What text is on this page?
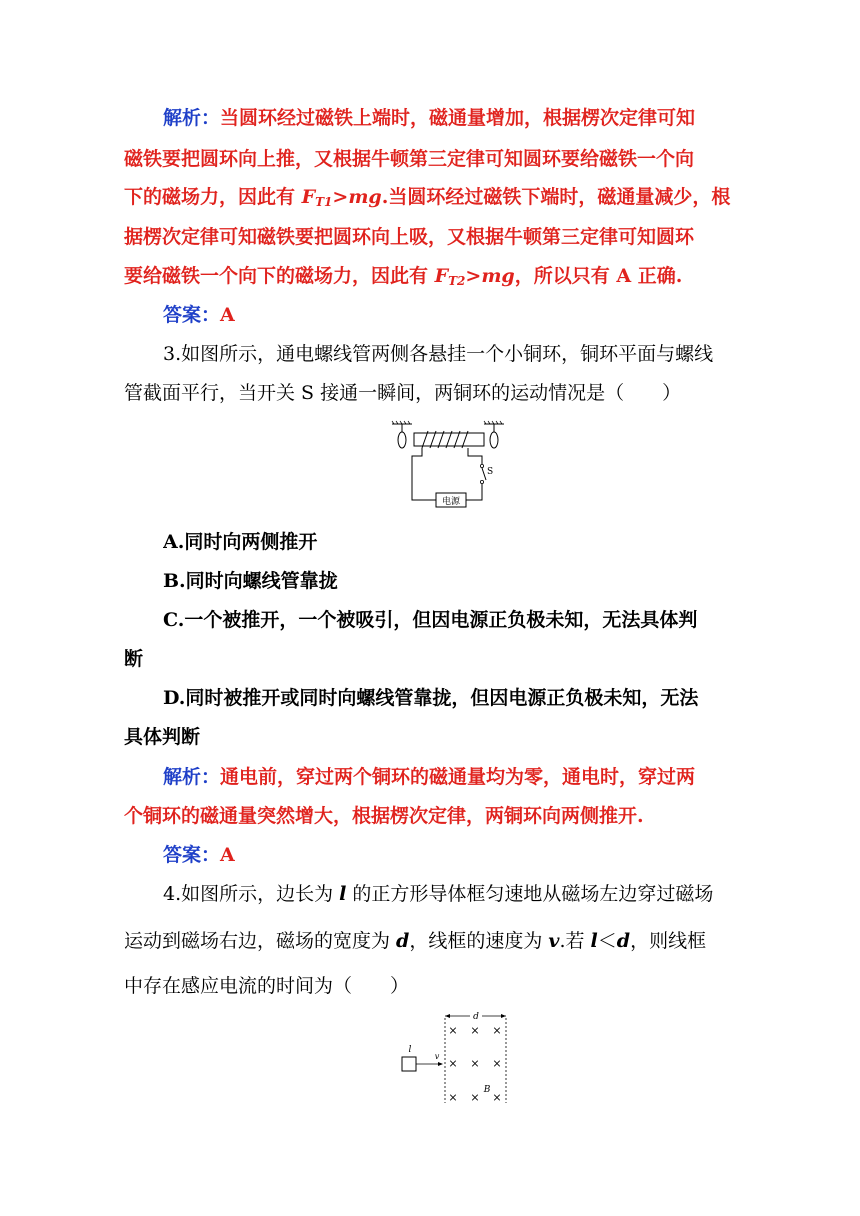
解析：当圆环经过磁铁上端时，磁通量增加，根据楞次定律可知
磁铁要把圆环向上推，又根据牛顿第三定律可知圆环要给磁铁一个向
下的磁场力，因此有 $F_{T1}>mg$.当圆环经过磁铁下端时，磁通量减少，根
据楞次定律可知磁铁要把圆环向上吸，又根据牛顿第三定律可知圆环
要给磁铁一个向下的磁场力，因此有 $F_{T2}>mg$，所以只有 A 正确.
答案：A
3.如图所示，通电螺线管两侧各悬挂一个小铜环，铜环平面与螺线
管截面平行，当开关 S 接通一瞬间，两铜环的运动情况是（　　）
S
电源
A.同时向两侧推开
B.同时向螺线管靠拢
C.一个被推开，一个被吸引，但因电源正负极未知，无法具体判
断
D.同时被推开或同时向螺线管靠拢，但因电源正负极未知，无法
具体判断
解析：通电前，穿过两个铜环的磁通量均为零，通电时，穿过两
个铜环的磁通量突然增大，根据楞次定律，两铜环向两侧推开.
答案：A
4.如图所示，边长为 l 的正方形导体框匀速地从磁场左边穿过磁场
运动到磁场右边，磁场的宽度为 d，线框的速度为 v.若 l＜d，则线框
中存在感应电流的时间为（　　）
d
× × ×
× × ×
× × ×
B
l
v
